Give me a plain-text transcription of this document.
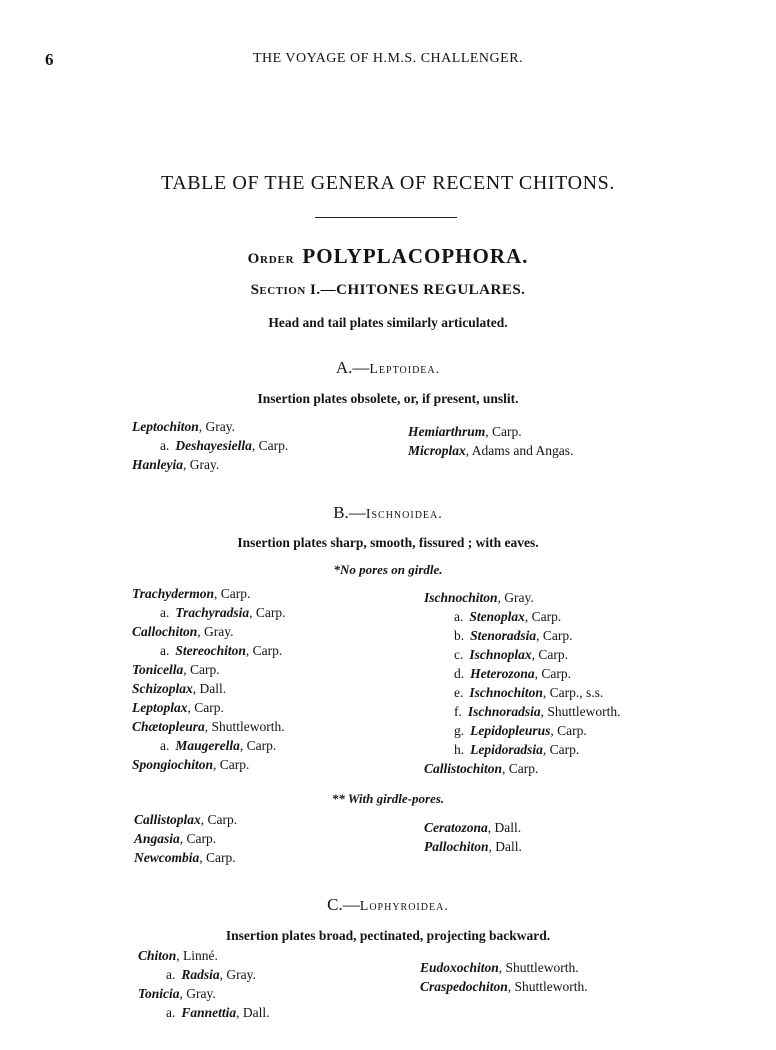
6	THE VOYAGE OF H.M.S. CHALLENGER.
TABLE OF THE GENERA OF RECENT CHITONS.
Order POLYPLACOPHORA.
Section I.—CHITONES REGULARES.
Head and tail plates similarly articulated.
A.—Leptoidea.
Insertion plates obsolete, or, if present, unslit.
Leptochiton, Gray.
a. Deshayesiella, Carp.
Hanleyia, Gray.
Hemiarthrum, Carp.
Microplax, Adams and Angas.
B.—Ischnoidea.
Insertion plates sharp, smooth, fissured ; with eaves.
*No pores on girdle.
Trachydermon, Carp.
a. Trachyradsia, Carp.
Callochiton, Gray.
a. Stereochiton, Carp.
Tonicella, Carp.
Schizoplax, Dall.
Leptoplax, Carp.
Chætopleura, Shuttleworth.
a. Maugerella, Carp.
Spongiochiton, Carp.
Ischnochiton, Gray.
a. Stenoplax, Carp.
b. Stenoradsia, Carp.
c. Ischnoplax, Carp.
d. Heterozona, Carp.
e. Ischnochiton, Carp., s.s.
f. Ischnoradsia, Shuttleworth.
g. Lepidopleurus, Carp.
h. Lepidoradsia, Carp.
Callistochiton, Carp.
** With girdle-pores.
Callistoplax, Carp.
Angasia, Carp.
Newcombia, Carp.
Ceratozona, Dall.
Pallochiton, Dall.
C.—Lophyroidea.
Insertion plates broad, pectinated, projecting backward.
Chiton, Linné.
a. Radsia, Gray.
Tonicia, Gray.
a. Fannettia, Dall.
Eudoxochiton, Shuttleworth.
Craspedochiton, Shuttleworth.
